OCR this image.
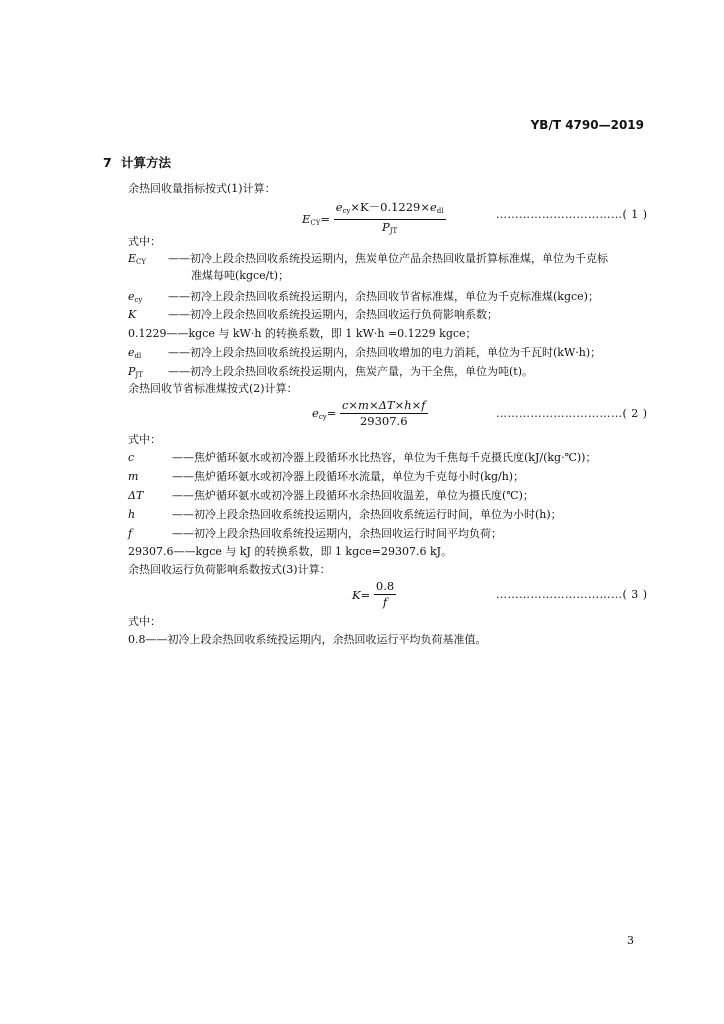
YB/T 4790—2019
7 计算方法
余热回收量指标按式(1)计算：
$E_{CY}= \frac{e_{cy}\times K-0.1229\times e_{dl}}{P_{JT}}$	……………………………( 1 )
式中：
$E_{CY}$ ——初冷上段余热回收系统投运期内，焦炭单位产品余热回收量折算标准煤，单位为千克标
准煤每吨(kgce/t)；
$e_{cy}$ ——初冷上段余热回收系统投运期内，余热回收节省标准煤，单位为千克标准煤(kgce)；
K	——初冷上段余热回收系统投运期内，余热回收运行负荷影响系数；
0.1229——kgce 与 kW·h 的转换系数，即 1 kW·h =0.1229 kgce；
$e_{dl}$ ——初冷上段余热回收系统投运期内，余热回收增加的电力消耗，单位为千瓦时(kW·h)；
$P_{JT}$ ——初冷上段余热回收系统投运期内，焦炭产量，为干全焦，单位为吨(t)。
余热回收节省标准煤按式(2)计算：
$e_{cy}= \frac{c\times m\times\Delta T\times h\times f}{29307.6}$	……………………………( 2 )
式中：
c	——焦炉循环氨水或初冷器上段循环水比热容，单位为千焦每千克摄氏度(kJ/(kg·℃))；
m	——焦炉循环氨水或初冷器上段循环水流量，单位为千克每小时(kg/h)；
ΔT	——焦炉循环氨水或初冷器上段循环水余热回收温差，单位为摄氏度(℃)；
h	——初冷上段余热回收系统投运期内，余热回收系统运行时间，单位为小时(h)；
f	——初冷上段余热回收系统投运期内，余热回收运行时间平均负荷；
29307.6——kgce 与 kJ 的转换系数，即 1 kgce=29307.6 kJ。
余热回收运行负荷影响系数按式(3)计算：
$K= \frac{0.8}{f}$	……………………………( 3 )
式中：
0.8——初冷上段余热回收系统投运期内，余热回收运行平均负荷基准值。
3
